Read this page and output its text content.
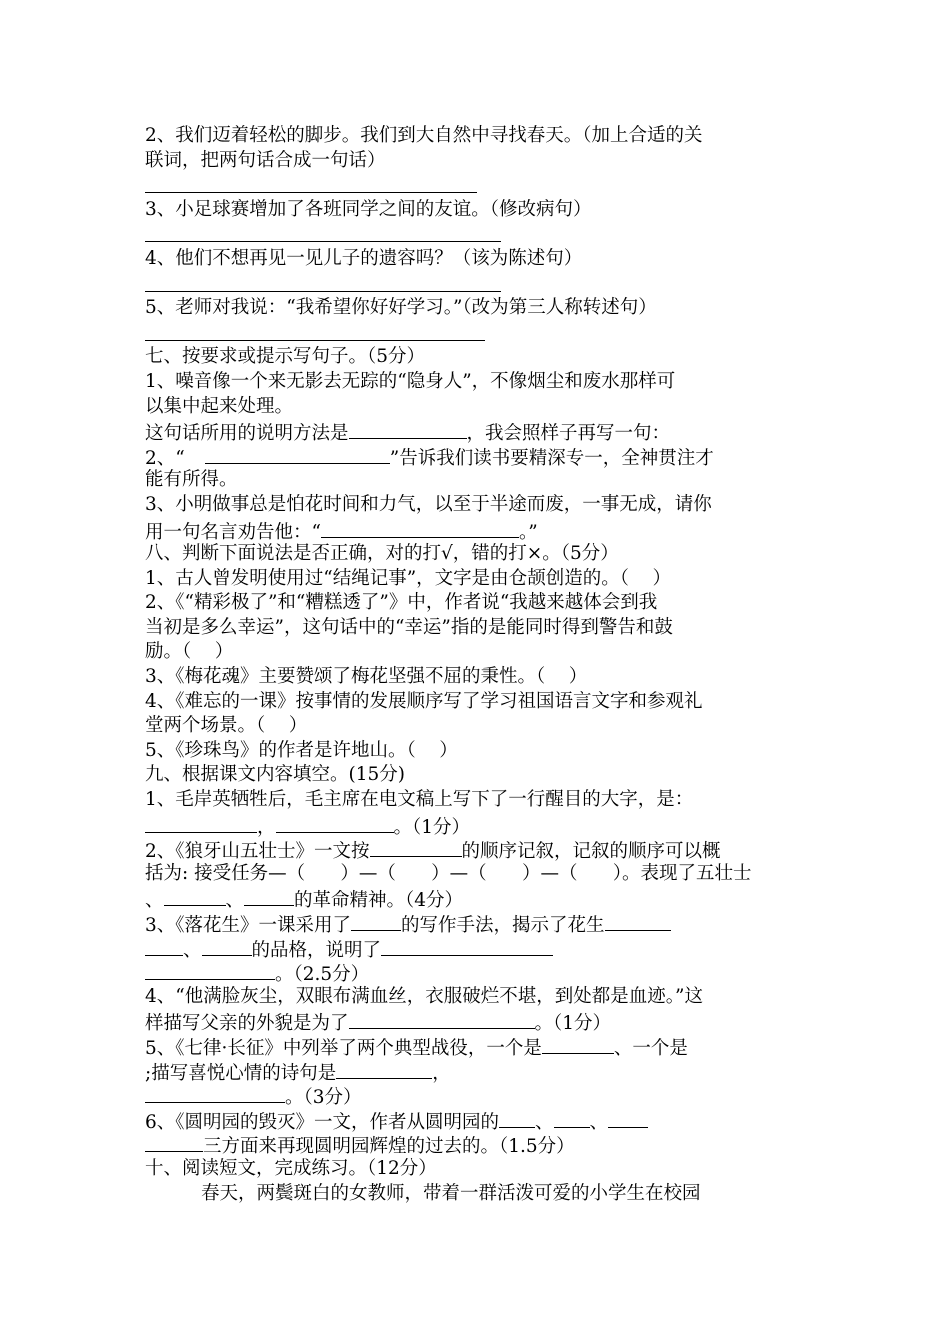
2、我们迈着轻松的脚步。我们到大自然中寻找春天。（加上合适的关
联词，把两句话合成一句话）
3、小足球赛增加了各班同学之间的友谊。（修改病句）
4、他们不想再见一见儿子的遗容吗？（该为陈述句）
5、老师对我说：“我希望你好好学习。”（改为第三人称转述句）
七、按要求或提示写句子。（5分）
1、噪音像一个来无影去无踪的“隐身人”，不像烟尘和废水那样可
以集中起来处理。
这句话所用的说明方法是	，我会照样子再写一句：
2、“	”告诉我们读书要精深专一，全神贯注才
能有所得。
3、小明做事总是怕花时间和力气，以至于半途而废，一事无成，请你
用一句名言劝告他：“	。”
八、判断下面说法是否正确，对的打√，错的打×。（5分）
1、古人曾发明使用过“结绳记事”，文字是由仓颉创造的。（    ）
2、《“精彩极了”和“糟糕透了”》中，作者说“我越来越体会到我
当初是多么幸运”，这句话中的“幸运”指的是能同时得到警告和鼓
励。（    ）
3、《梅花魂》主要赞颂了梅花坚强不屈的秉性。（    ）
4、《难忘的一课》按事情的发展顺序写了学习祖国语言文字和参观礼
堂两个场景。（    ）
5、《珍珠鸟》的作者是许地山。（    ）
九、根据课文内容填空。(15分)
1、毛岸英牺牲后，毛主席在电文稿上写下了一行醒目的大字，是：
，	。（1分）
2、《狼牙山五壮士》一文按	的顺序记叙，记叙的顺序可以概
括为: 接受任务—（      ）—（      ）—（      ）—（      ）。表现了五壮士
、	、	的革命精神。（4分）
3、《落花生》一课采用了	的写作手法，揭示了花生
、	的品格，说明了
。（2.5分）
4、“他满脸灰尘，双眼布满血丝，衣服破烂不堪，到处都是血迹。”这
样描写父亲的外貌是为了	。（1分）
5、《七律·长征》中列举了两个典型战役，一个是	、一个是
;描写喜悦心情的诗句是	，
。（3分）
6、《圆明园的毁灭》一文，作者从圆明园的 、 、
三方面来再现圆明园辉煌的过去的。（1.5分）
十、阅读短文，完成练习。（12分）
春天，两鬓斑白的女教师，带着一群活泼可爱的小学生在校园
